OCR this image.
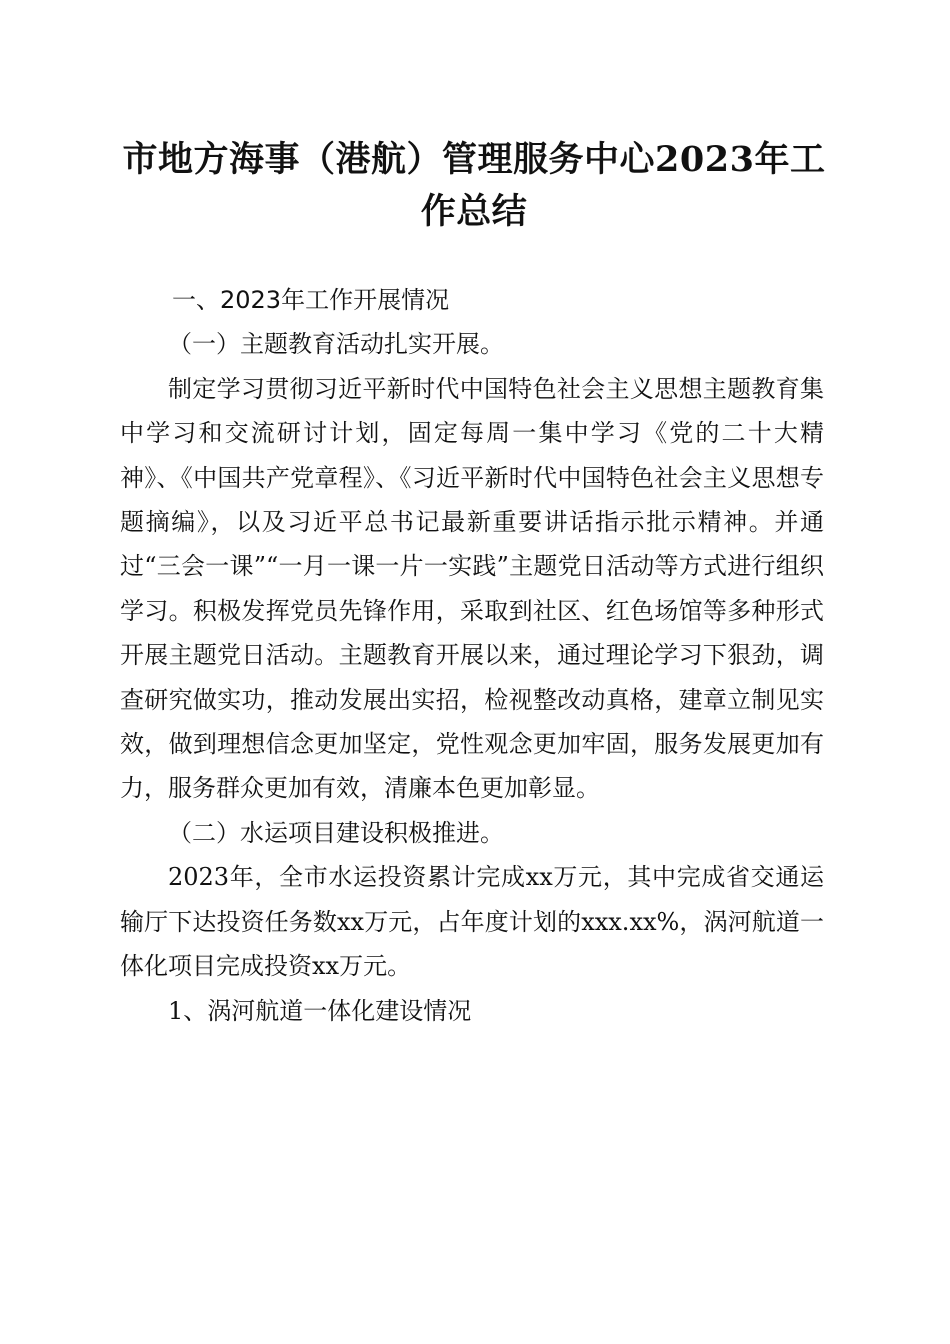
市地方海事（港航）管理服务中心2023年工作总结

一、2023年工作开展情况

（一）主题教育活动扎实开展。

制定学习贯彻习近平新时代中国特色社会主义思想主题教育集中学习和交流研讨计划，固定每周一集中学习《党的二十大精神》、《中国共产党章程》、《习近平新时代中国特色社会主义思想专题摘编》，以及习近平总书记最新重要讲话指示批示精神。并通过“三会一课”“一月一课一片一实践”主题党日活动等方式进行组织学习。积极发挥党员先锋作用，采取到社区、红色场馆等多种形式开展主题党日活动。主题教育开展以来，通过理论学习下狠劲，调查研究做实功，推动发展出实招，检视整改动真格，建章立制见实效，做到理想信念更加坚定，党性观念更加牢固，服务发展更加有力，服务群众更加有效，清廉本色更加彰显。

（二）水运项目建设积极推进。

2023年，全市水运投资累计完成xx万元，其中完成省交通运输厅下达投资任务数xx万元，占年度计划的xxx.xx%，涡河航道一体化项目完成投资xx万元。

1、涡河航道一体化建设情况
